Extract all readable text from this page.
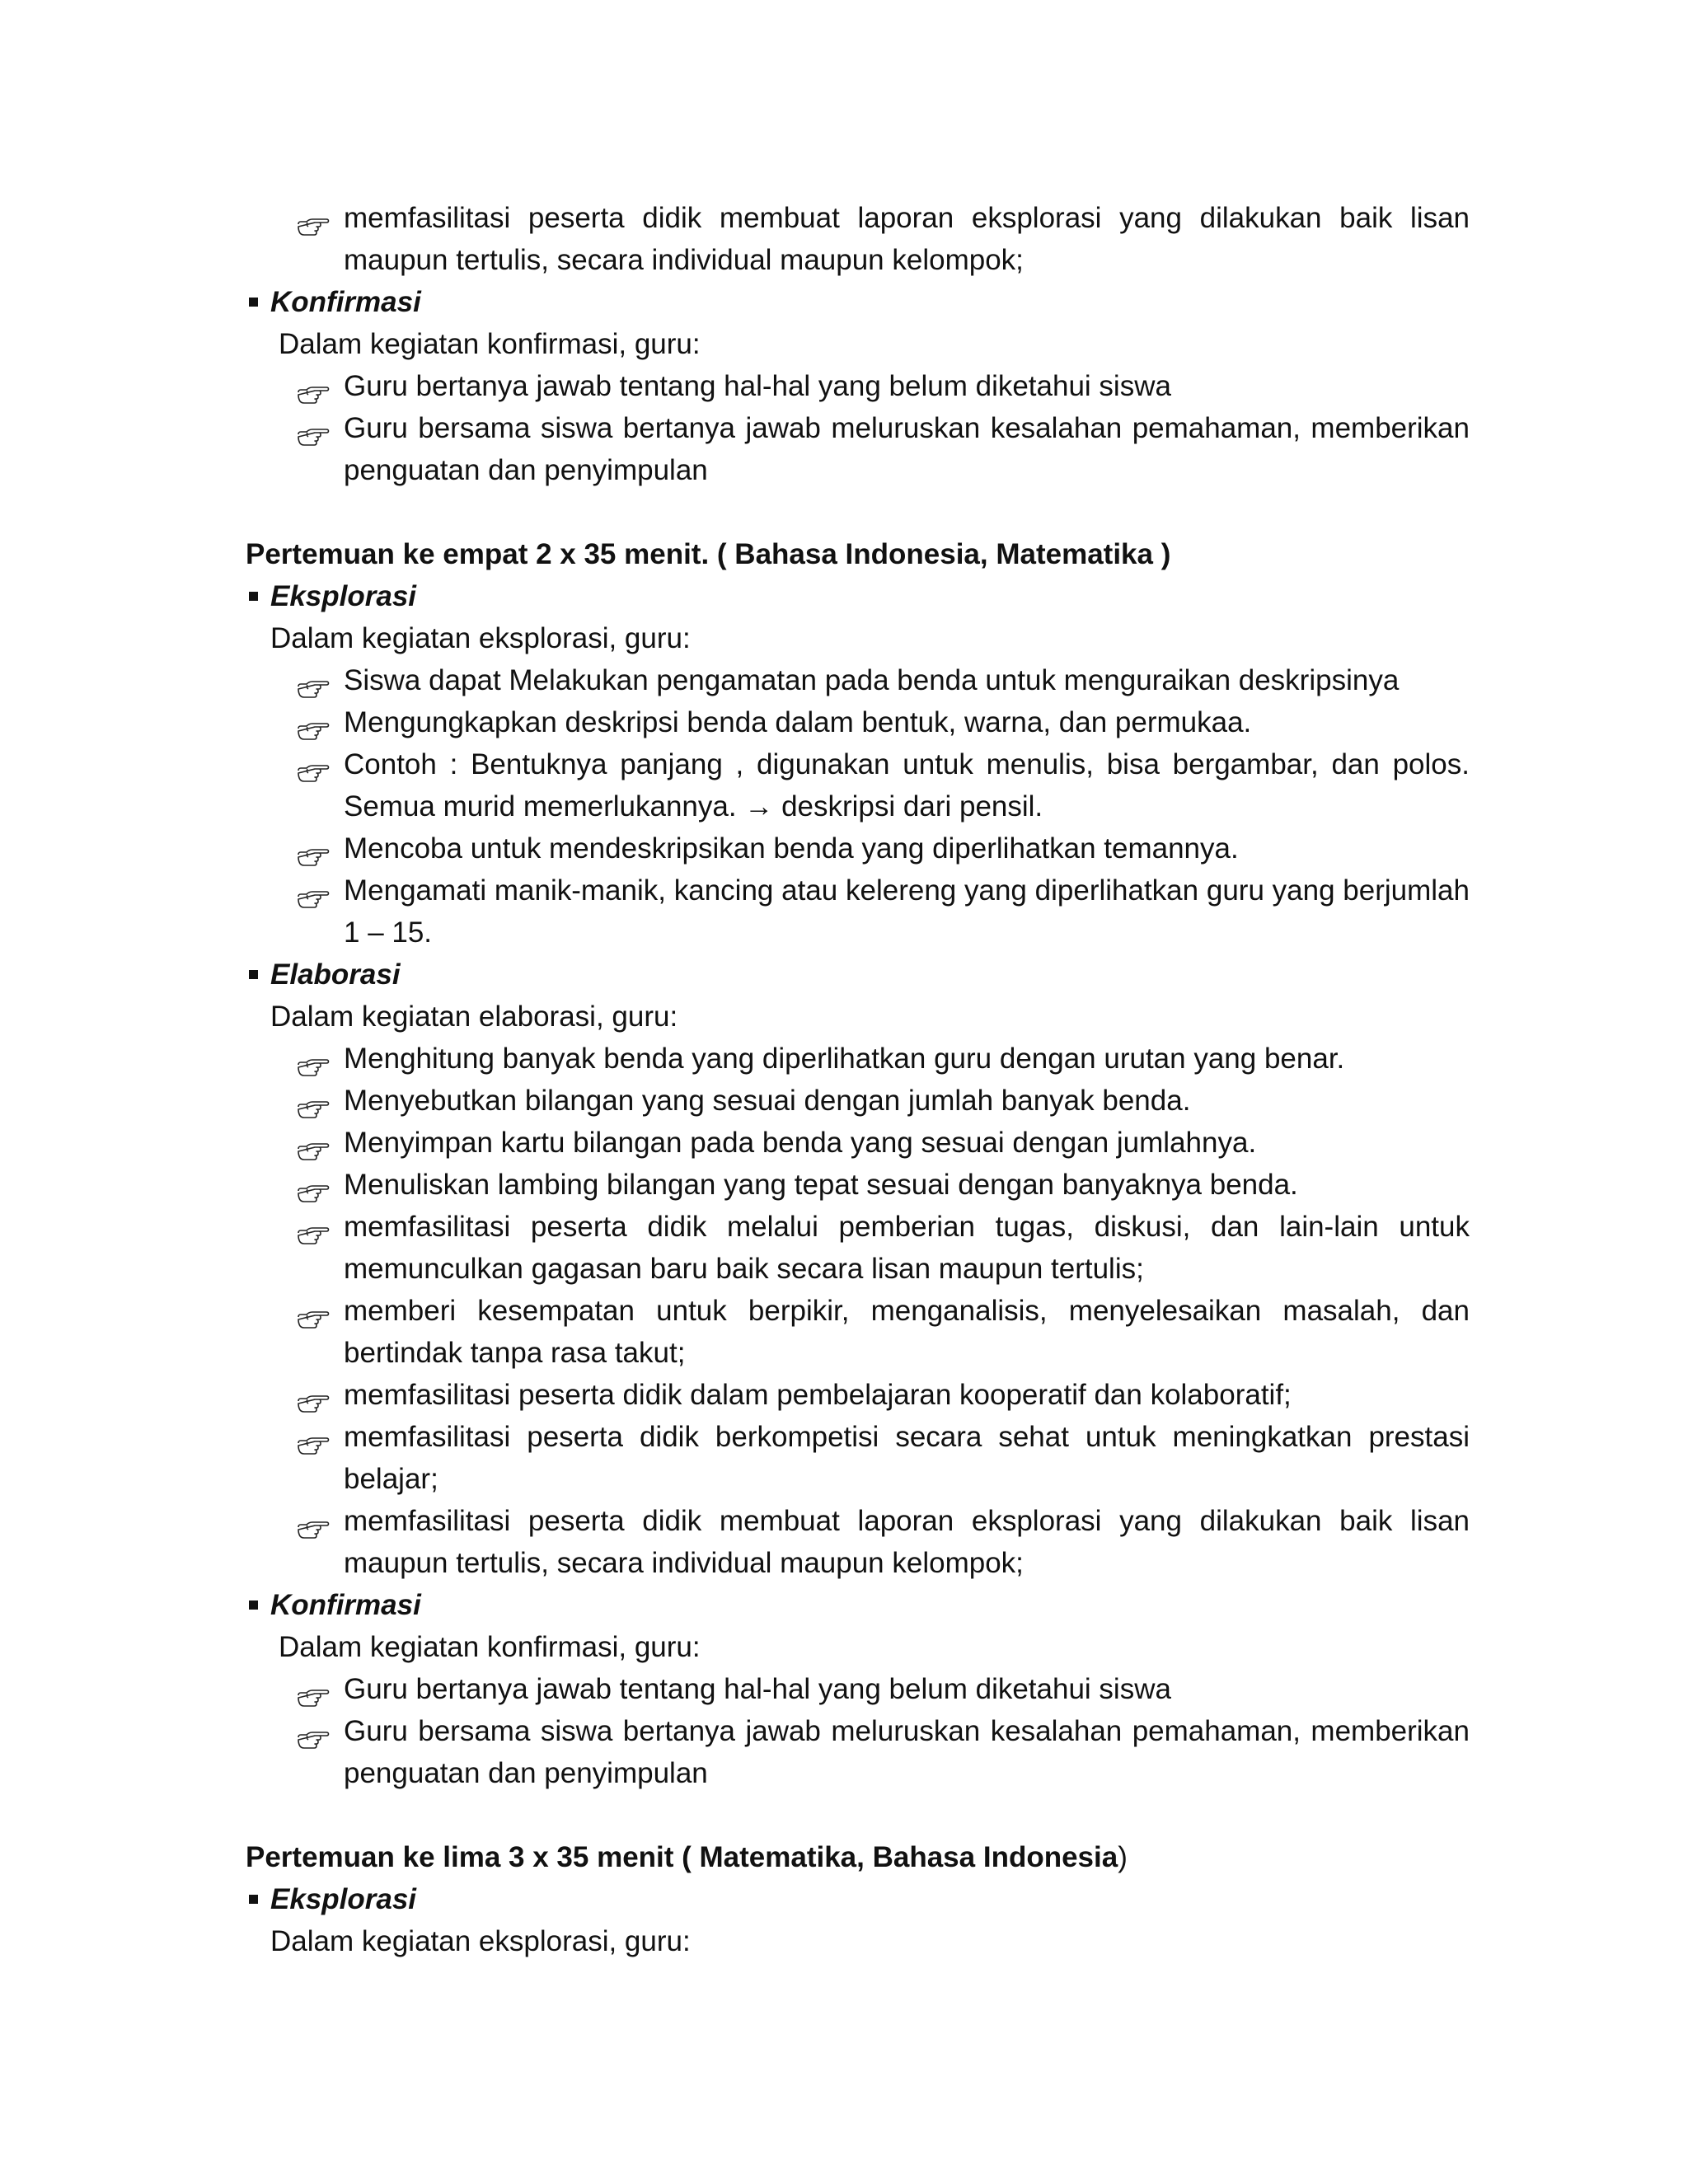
memfasilitasi peserta didik membuat laporan eksplorasi yang dilakukan baik lisan maupun tertulis, secara individual maupun kelompok;
Konfirmasi
Dalam kegiatan konfirmasi, guru:
Guru bertanya jawab tentang hal-hal yang belum diketahui siswa
Guru bersama siswa bertanya jawab meluruskan kesalahan pemahaman, memberikan penguatan dan penyimpulan
Pertemuan ke empat 2 x 35 menit. ( Bahasa Indonesia, Matematika )
Eksplorasi
Dalam kegiatan eksplorasi, guru:
Siswa dapat Melakukan pengamatan pada benda untuk menguraikan deskripsinya
Mengungkapkan deskripsi benda dalam bentuk, warna, dan permukaa.
Contoh : Bentuknya panjang , digunakan untuk menulis, bisa bergambar, dan polos. Semua murid memerlukannya. → deskripsi dari pensil.
Mencoba untuk mendeskripsikan benda yang diperlihatkan temannya.
Mengamati manik-manik, kancing atau kelereng yang diperlihatkan guru yang berjumlah 1 – 15.
Elaborasi
Dalam kegiatan elaborasi, guru:
Menghitung banyak benda yang diperlihatkan guru dengan urutan yang benar.
Menyebutkan bilangan yang sesuai dengan jumlah banyak benda.
Menyimpan kartu bilangan pada benda yang sesuai dengan jumlahnya.
Menuliskan lambing bilangan yang tepat sesuai dengan banyaknya benda.
memfasilitasi peserta didik melalui pemberian tugas, diskusi, dan lain-lain untuk memunculkan gagasan baru baik secara lisan maupun tertulis;
memberi kesempatan untuk berpikir, menganalisis, menyelesaikan masalah, dan bertindak tanpa rasa takut;
memfasilitasi peserta didik dalam pembelajaran kooperatif dan kolaboratif;
memfasilitasi peserta didik berkompetisi secara sehat untuk meningkatkan prestasi belajar;
memfasilitasi peserta didik membuat laporan eksplorasi yang dilakukan baik lisan maupun tertulis, secara individual maupun kelompok;
Konfirmasi
Dalam kegiatan konfirmasi, guru:
Guru bertanya jawab tentang hal-hal yang belum diketahui siswa
Guru bersama siswa bertanya jawab meluruskan kesalahan pemahaman, memberikan penguatan dan penyimpulan
Pertemuan ke lima 3 x 35 menit ( Matematika, Bahasa Indonesia)
Eksplorasi
Dalam kegiatan eksplorasi, guru:
